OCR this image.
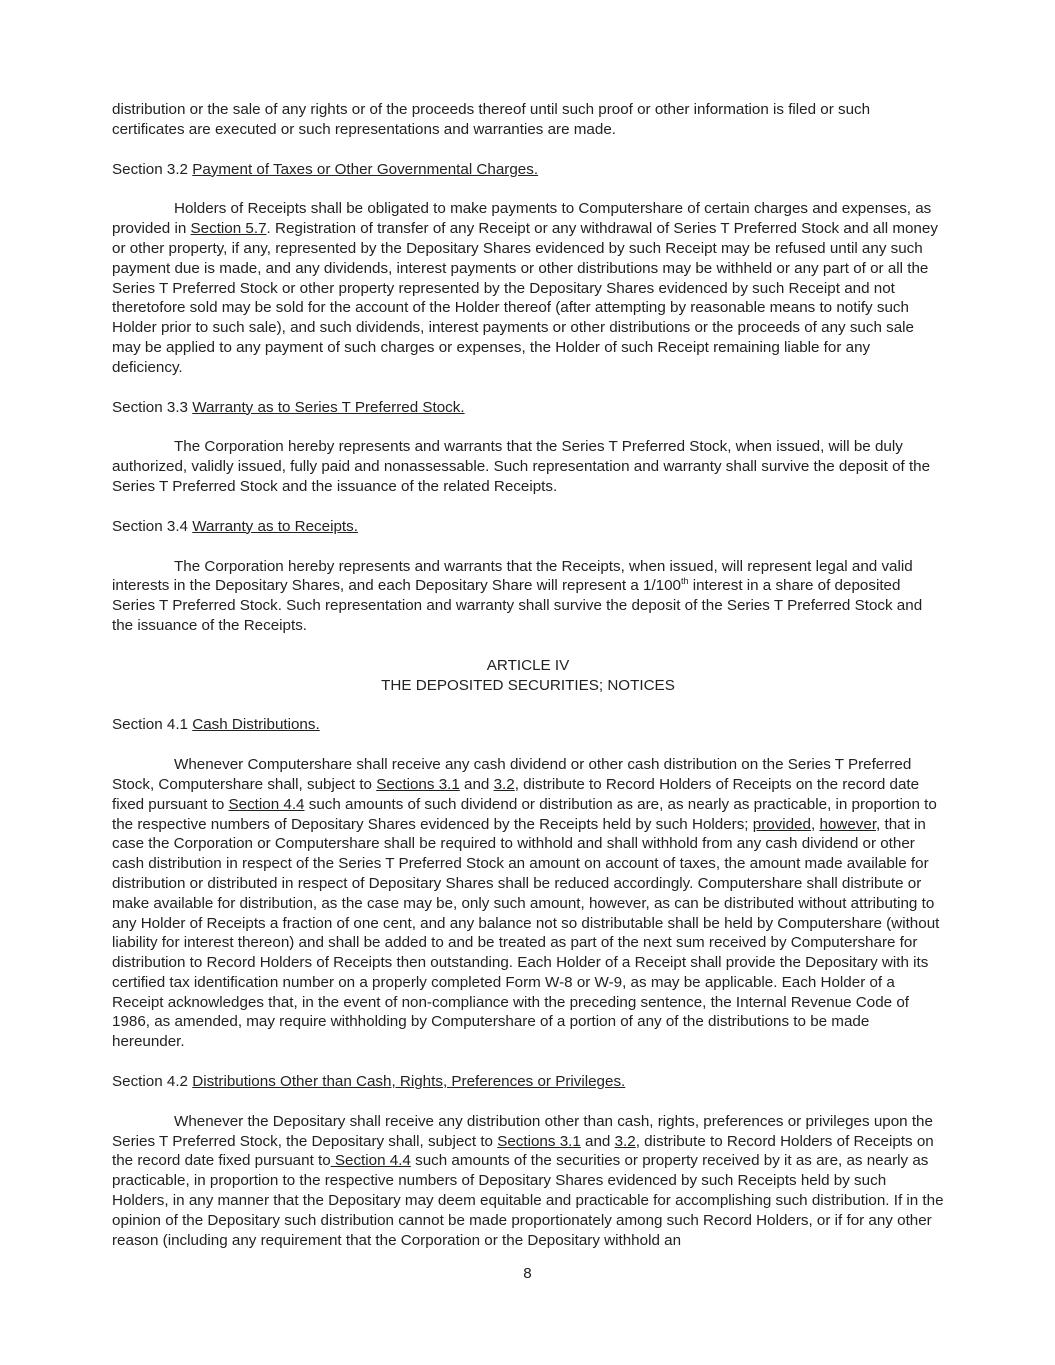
distribution or the sale of any rights or of the proceeds thereof until such proof or other information is filed or such certificates are executed or such representations and warranties are made.

Section 3.2 Payment of Taxes or Other Governmental Charges.

Holders of Receipts shall be obligated to make payments to Computershare of certain charges and expenses, as provided in Section 5.7. Registration of transfer of any Receipt or any withdrawal of Series T Preferred Stock and all money or other property, if any, represented by the Depositary Shares evidenced by such Receipt may be refused until any such payment due is made, and any dividends, interest payments or other distributions may be withheld or any part of or all the Series T Preferred Stock or other property represented by the Depositary Shares evidenced by such Receipt and not theretofore sold may be sold for the account of the Holder thereof (after attempting by reasonable means to notify such Holder prior to such sale), and such dividends, interest payments or other distributions or the proceeds of any such sale may be applied to any payment of such charges or expenses, the Holder of such Receipt remaining liable for any deficiency.

Section 3.3 Warranty as to Series T Preferred Stock.

The Corporation hereby represents and warrants that the Series T Preferred Stock, when issued, will be duly authorized, validly issued, fully paid and nonassessable. Such representation and warranty shall survive the deposit of the Series T Preferred Stock and the issuance of the related Receipts.

Section 3.4 Warranty as to Receipts.

The Corporation hereby represents and warrants that the Receipts, when issued, will represent legal and valid interests in the Depositary Shares, and each Depositary Share will represent a 1/100th interest in a share of deposited Series T Preferred Stock. Such representation and warranty shall survive the deposit of the Series T Preferred Stock and the issuance of the Receipts.

ARTICLE IV
THE DEPOSITED SECURITIES; NOTICES

Section 4.1 Cash Distributions.

Whenever Computershare shall receive any cash dividend or other cash distribution on the Series T Preferred Stock, Computershare shall, subject to Sections 3.1 and 3.2, distribute to Record Holders of Receipts on the record date fixed pursuant to Section 4.4 such amounts of such dividend or distribution as are, as nearly as practicable, in proportion to the respective numbers of Depositary Shares evidenced by the Receipts held by such Holders; provided, however, that in case the Corporation or Computershare shall be required to withhold and shall withhold from any cash dividend or other cash distribution in respect of the Series T Preferred Stock an amount on account of taxes, the amount made available for distribution or distributed in respect of Depositary Shares shall be reduced accordingly. Computershare shall distribute or make available for distribution, as the case may be, only such amount, however, as can be distributed without attributing to any Holder of Receipts a fraction of one cent, and any balance not so distributable shall be held by Computershare (without liability for interest thereon) and shall be added to and be treated as part of the next sum received by Computershare for distribution to Record Holders of Receipts then outstanding. Each Holder of a Receipt shall provide the Depositary with its certified tax identification number on a properly completed Form W-8 or W-9, as may be applicable. Each Holder of a Receipt acknowledges that, in the event of non-compliance with the preceding sentence, the Internal Revenue Code of 1986, as amended, may require withholding by Computershare of a portion of any of the distributions to be made hereunder.

Section 4.2 Distributions Other than Cash, Rights, Preferences or Privileges.

Whenever the Depositary shall receive any distribution other than cash, rights, preferences or privileges upon the Series T Preferred Stock, the Depositary shall, subject to Sections 3.1 and 3.2, distribute to Record Holders of Receipts on the record date fixed pursuant to Section 4.4 such amounts of the securities or property received by it as are, as nearly as practicable, in proportion to the respective numbers of Depositary Shares evidenced by such Receipts held by such Holders, in any manner that the Depositary may deem equitable and practicable for accomplishing such distribution. If in the opinion of the Depositary such distribution cannot be made proportionately among such Record Holders, or if for any other reason (including any requirement that the Corporation or the Depositary withhold an

8
